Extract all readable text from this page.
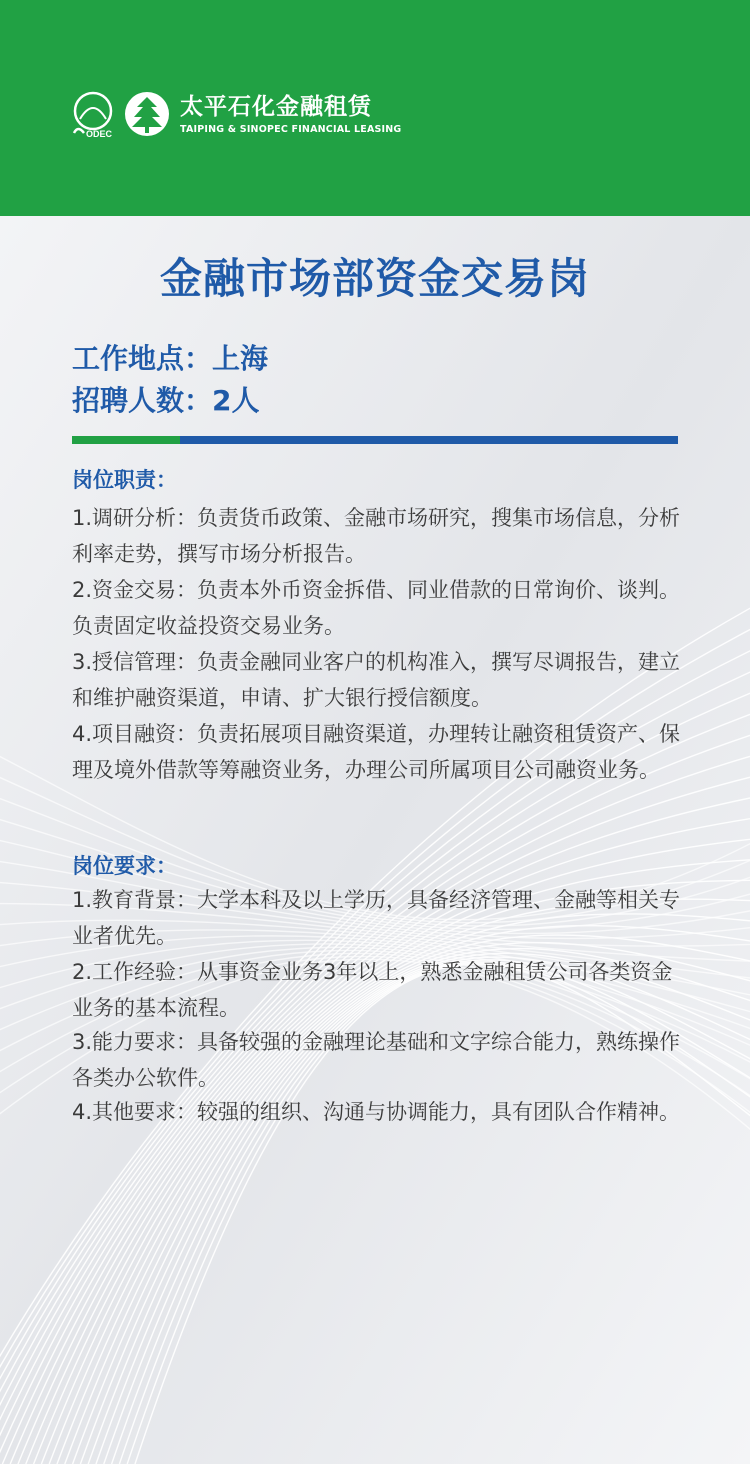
ODEC
太平石化金融租赁
TAIPING & SINOPEC FINANCIAL LEASING
金融市场部资金交易岗
工作地点：上海
招聘人数：2人
岗位职责：
1.调研分析：负责货币政策、金融市场研究，搜集市场信息，分析利率走势，撰写市场分析报告。
2.资金交易：负责本外币资金拆借、同业借款的日常询价、谈判。负责固定收益投资交易业务。
3.授信管理：负责金融同业客户的机构准入，撰写尽调报告，建立和维护融资渠道，申请、扩大银行授信额度。
4.项目融资：负责拓展项目融资渠道，办理转让融资租赁资产、保理及境外借款等筹融资业务，办理公司所属项目公司融资业务。
岗位要求：
1.教育背景：大学本科及以上学历，具备经济管理、金融等相关专业者优先。
2.工作经验：从事资金业务3年以上，熟悉金融租赁公司各类资金业务的基本流程。
3.能力要求：具备较强的金融理论基础和文字综合能力，熟练操作各类办公软件。
4.其他要求：较强的组织、沟通与协调能力，具有团队合作精神。
